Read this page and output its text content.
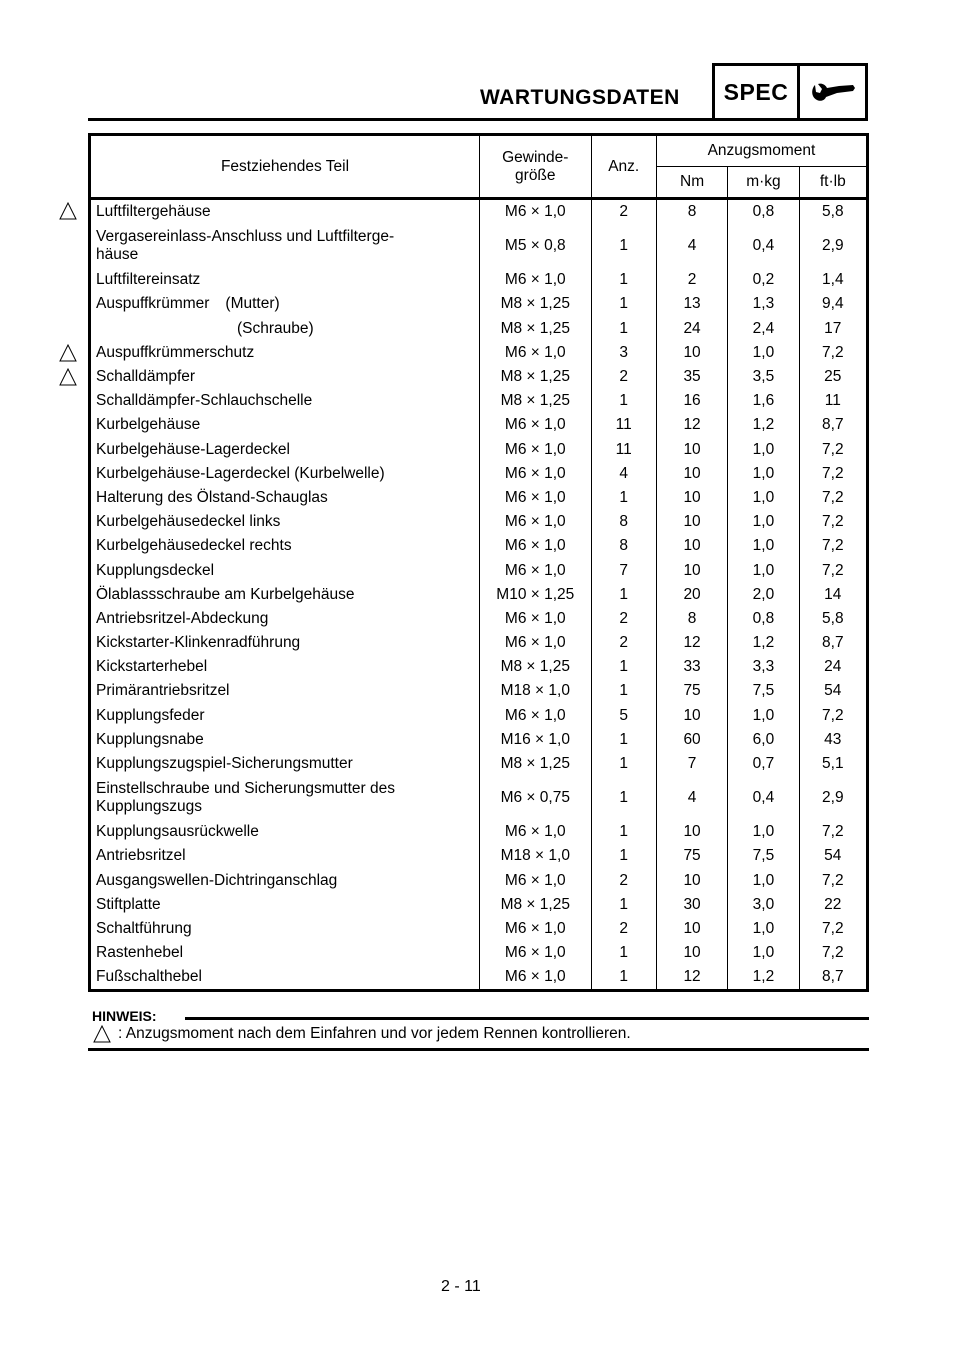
WARTUNGSDATEN	SPEC
Festziehendes Teil	Gewinde-
größe	Anz.	Anzugsmoment		
			Nm	m·kg	ft·lb
Luftfiltergehäuse	M6 × 1,0	2	8	0,8	5,8
Vergasereinlass-Anschluss und Luftfilterge-
häuse	M5 × 0,8	1	4	0,4	2,9
Luftfiltereinsatz	M6 × 1,0	1	2	0,2	1,4
Auspuffkrümmer (Mutter)	M8 × 1,25	1	13	1,3	9,4
(Schraube)	M8 × 1,25	1	24	2,4	17
Auspuffkrümmerschutz	M6 × 1,0	3	10	1,0	7,2
Schalldämpfer	M8 × 1,25	2	35	3,5	25
Schalldämpfer-Schlauchschelle	M8 × 1,25	1	16	1,6	11
Kurbelgehäuse	M6 × 1,0	11	12	1,2	8,7
Kurbelgehäuse-Lagerdeckel	M6 × 1,0	11	10	1,0	7,2
Kurbelgehäuse-Lagerdeckel (Kurbelwelle)	M6 × 1,0	4	10	1,0	7,2
Halterung des Ölstand-Schauglas	M6 × 1,0	1	10	1,0	7,2
Kurbelgehäusedeckel links	M6 × 1,0	8	10	1,0	7,2
Kurbelgehäusedeckel rechts	M6 × 1,0	8	10	1,0	7,2
Kupplungsdeckel	M6 × 1,0	7	10	1,0	7,2
Ölablassschraube am Kurbelgehäuse	M10 × 1,25	1	20	2,0	14
Antriebsritzel-Abdeckung	M6 × 1,0	2	8	0,8	5,8
Kickstarter-Klinkenradführung	M6 × 1,0	2	12	1,2	8,7
Kickstarterhebel	M8 × 1,25	1	33	3,3	24
Primärantriebsritzel	M18 × 1,0	1	75	7,5	54
Kupplungsfeder	M6 × 1,0	5	10	1,0	7,2
Kupplungsnabe	M16 × 1,0	1	60	6,0	43
Kupplungszugspiel-Sicherungsmutter	M8 × 1,25	1	7	0,7	5,1
Einstellschraube und Sicherungsmutter des
Kupplungszugs	M6 × 0,75	1	4	0,4	2,9
Kupplungsausrückwelle	M6 × 1,0	1	10	1,0	7,2
Antriebsritzel	M18 × 1,0	1	75	7,5	54
Ausgangswellen-Dichtringanschlag	M6 × 1,0	2	10	1,0	7,2
Stiftplatte	M8 × 1,25	1	30	3,0	22
Schaltführung	M6 × 1,0	2	10	1,0	7,2
Rastenhebel	M6 × 1,0	1	10	1,0	7,2
Fußschalthebel	M6 × 1,0	1	12	1,2	8,7
HINWEIS:
: Anzugsmoment nach dem Einfahren und vor jedem Rennen kontrollieren.
2 - 11
